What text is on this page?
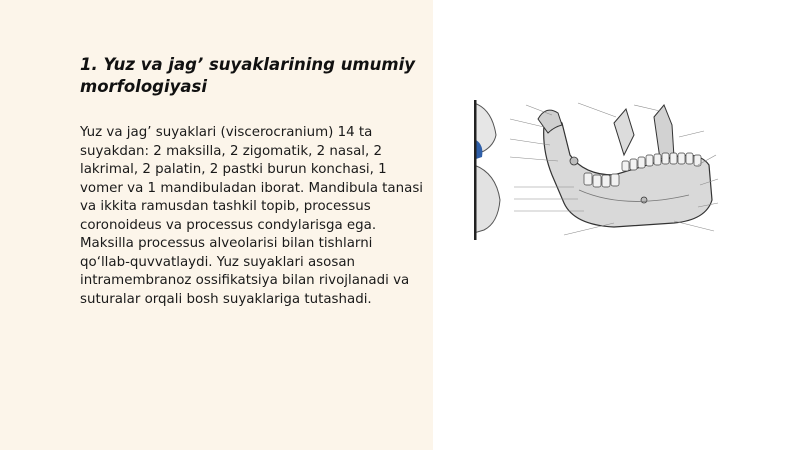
1. Yuz va jag’ suyaklarining umumiy morfologiyasi

Yuz va jag’ suyaklari (viscerocranium) 14 ta suyakdan: 2 maksilla, 2 zigomatik, 2 nasal, 2 lakrimal, 2 palatin, 2 pastki burun konchasi, 1 vomer va 1 mandibuladan iborat. Mandibula tanasi va ikkita ramusdan tashkil topib, processus coronoideus va processus condylarisga ega. Maksilla processus alveolarisi bilan tishlarni qo‘llab-quvvatlaydi. Yuz suyaklari asosan intramembranoz ossifikatsiya bilan rivojlanadi va suturalar orqali bosh suyaklariga tutashadi.
